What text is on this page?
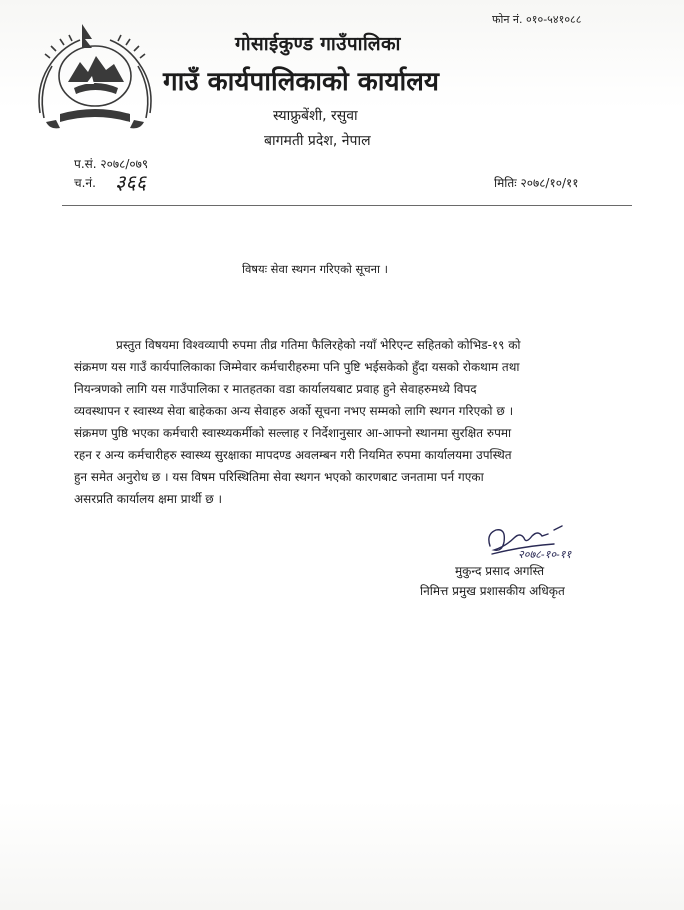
फोन नं. ०१०-५४१०८८
गोसाईकुण्ड गाउँपालिका
गाउँ कार्यपालिकाको कार्यालय
स्याफ्रुबेंशी, रसुवा
बागमती प्रदेश, नेपाल
प.सं. २०७८/०७९
च.नं. ३६६	मितिः २०७८/१०/११
विषयः सेवा स्थगन गरिएको सूचना ।
प्रस्तुत विषयमा विश्वव्यापी रुपमा तीव्र गतिमा फैलिरहेको नयाँ भेरिएन्ट सहितको कोभिड-१९ को
संक्रमण यस गाउँ कार्यपालिकाका जिम्मेवार कर्मचारीहरुमा पनि पुष्टि भईसकेको हुँदा यसको रोकथाम तथा
नियन्त्रणको लागि यस गाउँपालिका र मातहतका वडा कार्यालयबाट प्रवाह हुने सेवाहरुमध्ये विपद
व्यवस्थापन र स्वास्थ्य सेवा बाहेकका अन्य सेवाहरु अर्को सूचना नभए सम्मको लागि स्थगन गरिएको छ ।
संक्रमण पुष्ठि भएका कर्मचारी स्वास्थ्यकर्मीको सल्लाह र निर्देशानुसार आ-आफ्नो स्थानमा सुरक्षित रुपमा
रहन र अन्य कर्मचारीहरु स्वास्थ्य सुरक्षाका मापदण्ड अवलम्बन गरी नियमित रुपमा कार्यालयमा उपस्थित
हुन समेत अनुरोध छ । यस विषम परिस्थितिमा सेवा स्थगन भएको कारणबाट जनतामा पर्न गएका
असरप्रति कार्यालय क्षमा प्रार्थी छ ।
२०७८-१०-११
मुकुन्द प्रसाद अगस्ति
निमित्त प्रमुख प्रशासकीय अधिकृत
